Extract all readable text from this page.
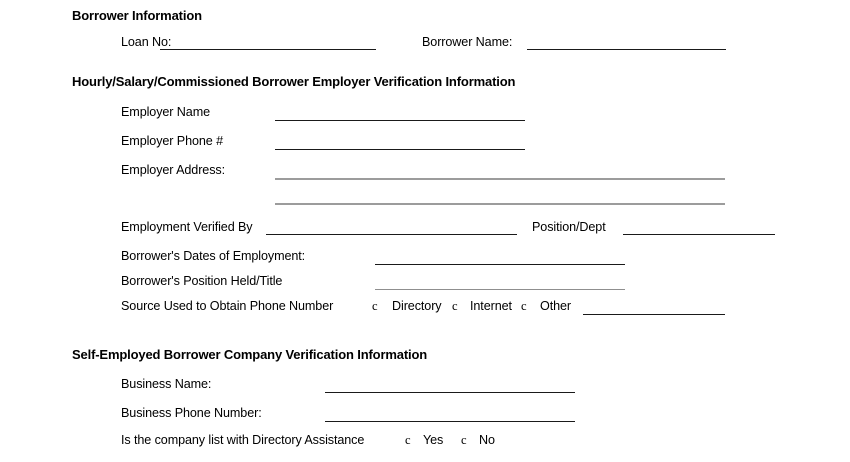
Borrower Information
Loan No:	Borrower Name:
Hourly/Salary/Commissioned Borrower Employer Verification Information
Employer Name
Employer Phone #
Employer Address:
Employment Verified By	Position/Dept
Borrower's Dates of Employment:
Borrower's Position Held/Title
Source Used to Obtain Phone Number	c Directory c Internet c Other
Self-Employed Borrower Company Verification Information
Business Name:
Business Phone Number:
Is the company list with Directory Assistance	c Yes c No
